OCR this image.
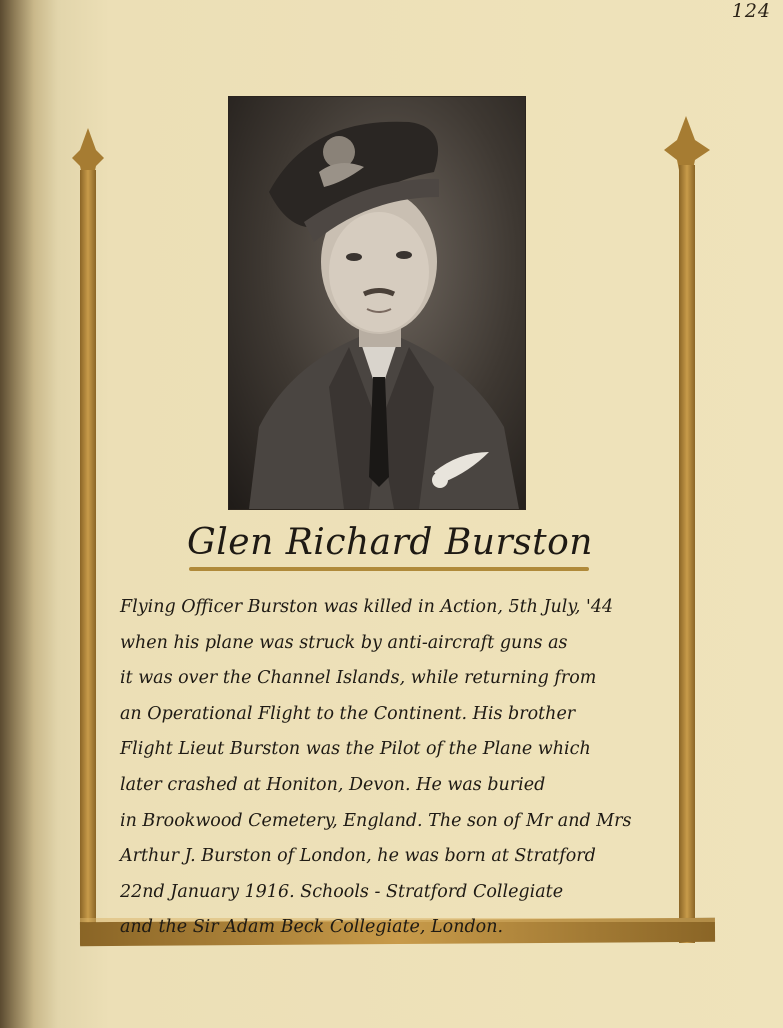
124
Glen Richard Burston
Flying Officer Burston was killed in Action, 5th July, '44
when his plane was struck by anti-aircraft guns as
it was over the Channel Islands, while returning from
an Operational Flight to the Continent. His brother
Flight Lieut Burston was the Pilot of the Plane which
later crashed at Honiton, Devon. He was buried
in Brookwood Cemetery, England. The son of Mr and Mrs
Arthur J. Burston of London, he was born at Stratford
22nd January 1916. Schools - Stratford Collegiate
and the Sir Adam Beck Collegiate, London.
